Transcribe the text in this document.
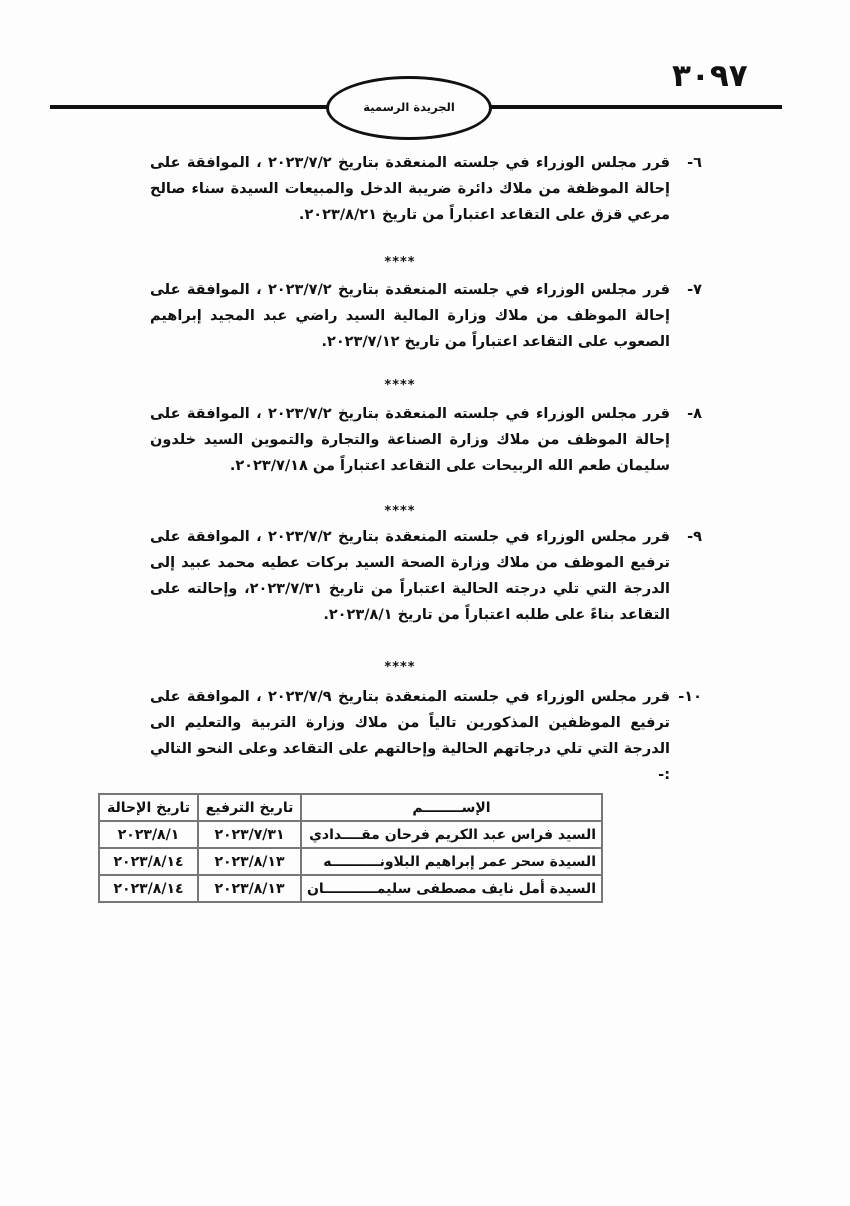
٣٠٩٧
الجريدة الرسمية
٦-
قرر مجلس الوزراء في جلسته المنعقدة بتاريخ ٢٠٢٣/٧/٢ ، الموافقة على إحالة الموظفة من ملاك دائرة ضريبة الدخل والمبيعات السيدة سناء صالح مرعي قزق على التقاعد اعتباراً من تاريخ ٢٠٢٣/٨/٢١.
****
٧-
قرر مجلس الوزراء في جلسته المنعقدة بتاريخ ٢٠٢٣/٧/٢ ، الموافقة على إحالة الموظف من ملاك وزارة المالية السيد راضي عبد المجيد إبراهيم الصعوب على التقاعد اعتباراً من تاريخ ٢٠٢٣/٧/١٢.
****
٨-
قرر مجلس الوزراء في جلسته المنعقدة بتاريخ ٢٠٢٣/٧/٢ ، الموافقة على إحالة الموظف من ملاك وزارة الصناعة والتجارة والتموين السيد خلدون سليمان طعم الله الربيحات على التقاعد اعتباراً من ٢٠٢٣/٧/١٨.
****
٩-
قرر مجلس الوزراء في جلسته المنعقدة بتاريخ ٢٠٢٣/٧/٢ ، الموافقة على ترفيع الموظف من ملاك وزارة الصحة السيد بركات عطيه محمد عبيد إلى الدرجة التي تلي درجته الحالية اعتباراً من تاريخ ٢٠٢٣/٧/٣١، وإحالته على التقاعد بناءً على طلبه اعتباراً من تاريخ ٢٠٢٣/٨/١.
****
١٠-
قرر مجلس الوزراء في جلسته المنعقدة بتاريخ ٢٠٢٣/٧/٩ ، الموافقة على ترفيع الموظفين المذكورين تالياً من ملاك وزارة التربية والتعليم الى الدرجة التي تلي درجاتهم الحالية وإحالتهم على التقاعد وعلى النحو التالي :-
الإســــــــم	تاريخ الترفيع	تاريخ الإحالة
السيد فراس عبد الكريم فرحان مقــــدادي	٢٠٢٣/٧/٣١	٢٠٢٣/٨/١
السيدة سحر عمر إبراهيم البلاونــــــــــه	٢٠٢٣/٨/١٣	٢٠٢٣/٨/١٤
السيدة أمل نايف مصطفى سليمـــــــــــان	٢٠٢٣/٨/١٣	٢٠٢٣/٨/١٤
